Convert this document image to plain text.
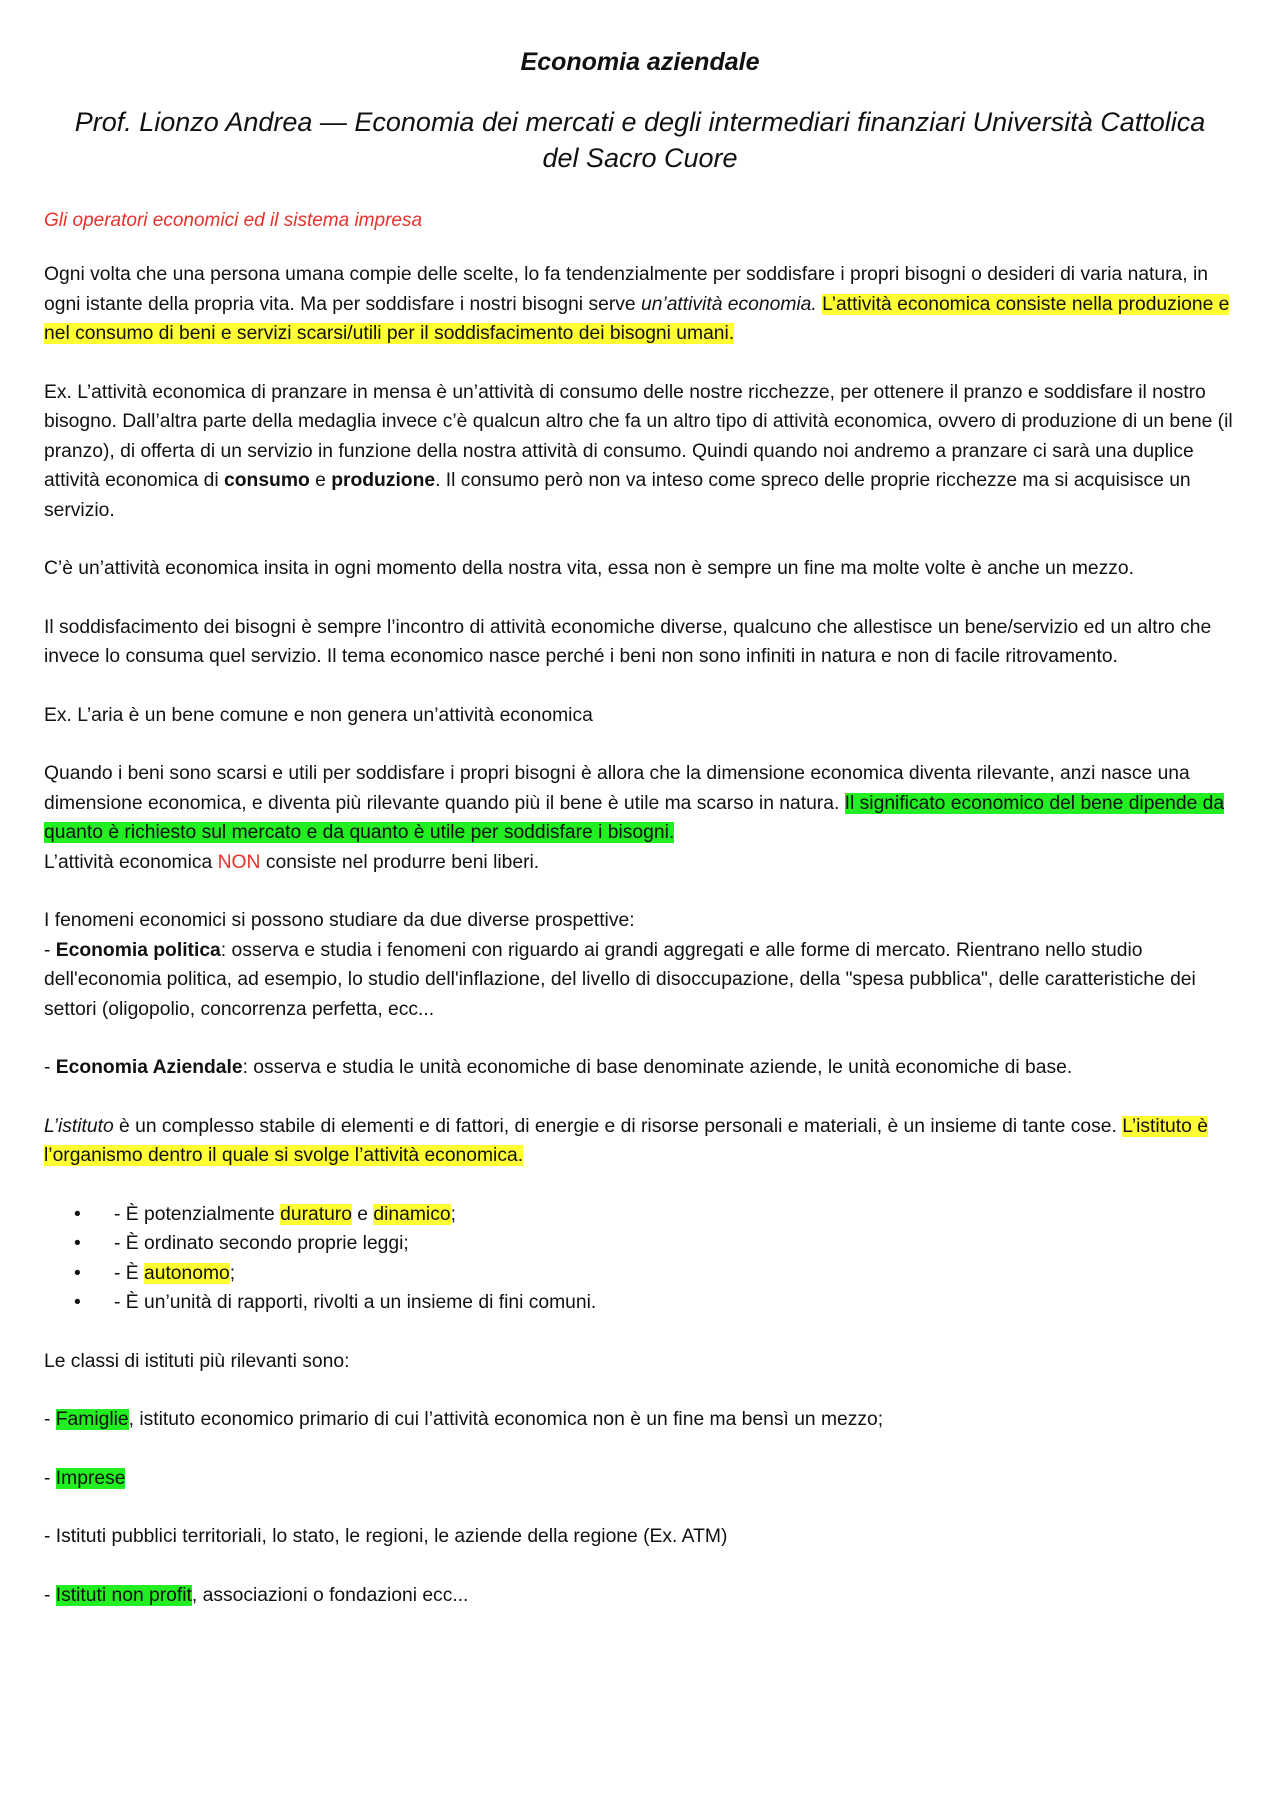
Economia aziendale
Prof. Lionzo Andrea — Economia dei mercati e degli intermediari finanziari Università Cattolica del Sacro Cuore
Gli operatori economici ed il sistema impresa

Ogni volta che una persona umana compie delle scelte, lo fa tendenzialmente per soddisfare i propri bisogni o desideri di varia natura, in ogni istante della propria vita. Ma per soddisfare i nostri bisogni serve un’attività economia. L’attività economica consiste nella produzione e nel consumo di beni e servizi scarsi/utili per il soddisfacimento dei bisogni umani.

Ex. L’attività economica di pranzare in mensa è un’attività di consumo delle nostre ricchezze, per ottenere il pranzo e soddisfare il nostro bisogno. Dall’altra parte della medaglia invece c’è qualcun altro che fa un altro tipo di attività economica, ovvero di produzione di un bene (il pranzo), di offerta di un servizio in funzione della nostra attività di consumo. Quindi quando noi andremo a pranzare ci sarà una duplice attività economica di consumo e produzione. Il consumo però non va inteso come spreco delle proprie ricchezze ma si acquisisce un servizio.

C’è un’attività economica insita in ogni momento della nostra vita, essa non è sempre un fine ma molte volte è anche un mezzo.

Il soddisfacimento dei bisogni è sempre l’incontro di attività economiche diverse, qualcuno che allestisce un bene/servizio ed un altro che invece lo consuma quel servizio. Il tema economico nasce perché i beni non sono infiniti in natura e non di facile ritrovamento.

Ex. L’aria è un bene comune e non genera un’attività economica

Quando i beni sono scarsi e utili per soddisfare i propri bisogni è allora che la dimensione economica diventa rilevante, anzi nasce una dimensione economica, e diventa più rilevante quando più il bene è utile ma scarso in natura. Il significato economico del bene dipende da quanto è richiesto sul mercato e da quanto è utile per soddisfare i bisogni.
L’attività economica NON consiste nel produrre beni liberi.

I fenomeni economici si possono studiare da due diverse prospettive:
- Economia politica: osserva e studia i fenomeni con riguardo ai grandi aggregati e alle forme di mercato. Rientrano nello studio dell'economia politica, ad esempio, lo studio dell'inflazione, del livello di disoccupazione, della "spesa pubblica", delle caratteristiche dei settori (oligopolio, concorrenza perfetta, ecc...

- Economia Aziendale: osserva e studia le unità economiche di base denominate aziende, le unità economiche di base.

L’istituto è un complesso stabile di elementi e di fattori, di energie e di risorse personali e materiali, è un insieme di tante cose. L’istituto è l’organismo dentro il quale si svolge l’attività economica.

•	- È potenzialmente duraturo e dinamico;
•	- È ordinato secondo proprie leggi;
•	- È autonomo;
•	- È un’unità di rapporti, rivolti a un insieme di fini comuni.

Le classi di istituti più rilevanti sono:

- Famiglie, istituto economico primario di cui l’attività economica non è un fine ma bensì un mezzo;

- Imprese

- Istituti pubblici territoriali, lo stato, le regioni, le aziende della regione (Ex. ATM)

- Istituti non profit, associazioni o fondazioni ecc...
